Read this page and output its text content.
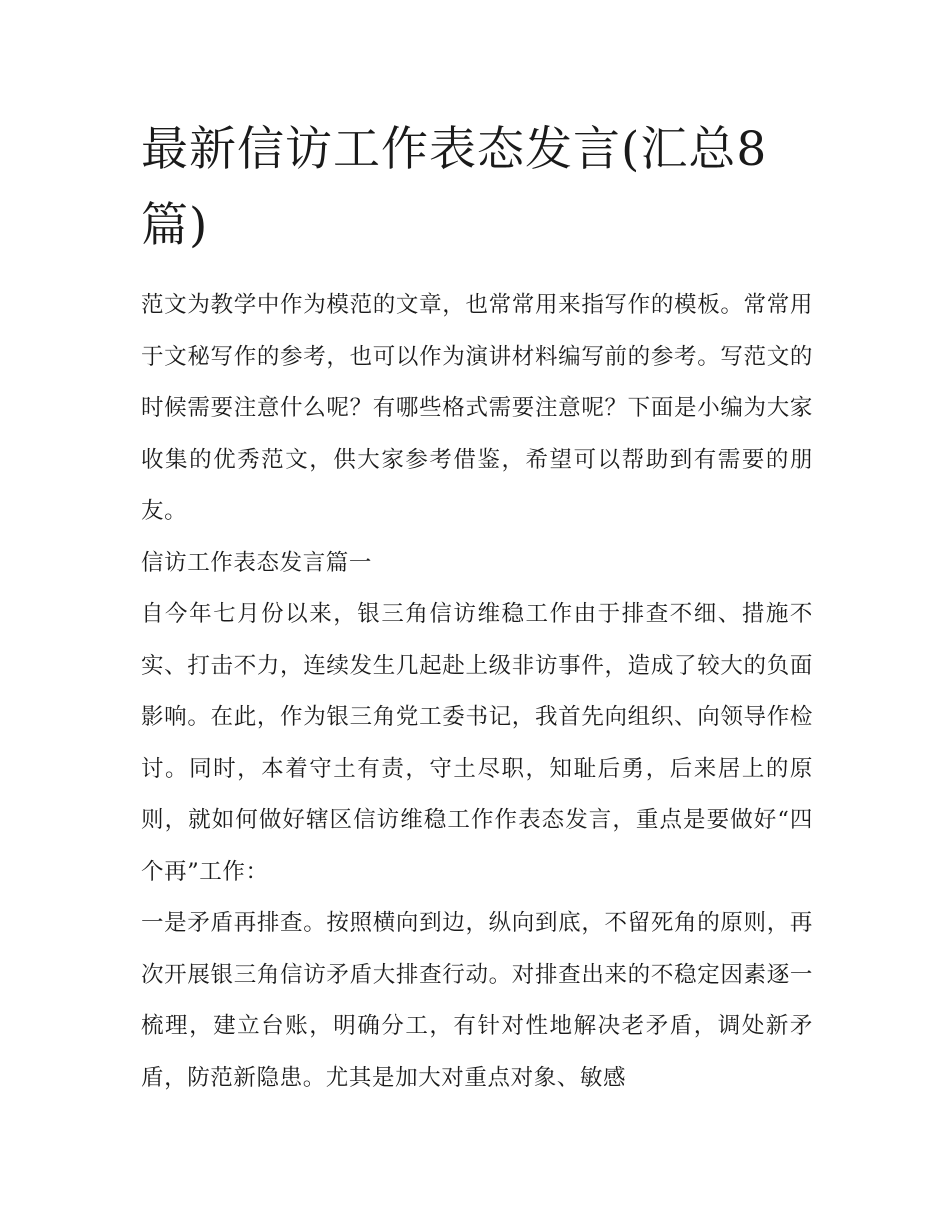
最新信访工作表态发言(汇总8篇)

范文为教学中作为模范的文章，也常常用来指写作的模板。常常用于文秘写作的参考，也可以作为演讲材料编写前的参考。写范文的时候需要注意什么呢？有哪些格式需要注意呢？下面是小编为大家收集的优秀范文，供大家参考借鉴，希望可以帮助到有需要的朋友。

信访工作表态发言篇一

自今年七月份以来，银三角信访维稳工作由于排查不细、措施不实、打击不力，连续发生几起赴上级非访事件，造成了较大的负面影响。在此，作为银三角党工委书记，我首先向组织、向领导作检讨。同时，本着守土有责，守土尽职，知耻后勇，后来居上的原则，就如何做好辖区信访维稳工作作表态发言，重点是要做好“四个再”工作：

一是矛盾再排查。按照横向到边，纵向到底，不留死角的原则，再次开展银三角信访矛盾大排查行动。对排查出来的不稳定因素逐一梳理，建立台账，明确分工，有针对性地解决老矛盾，调处新矛盾，防范新隐患。尤其是加大对重点对象、敏感
